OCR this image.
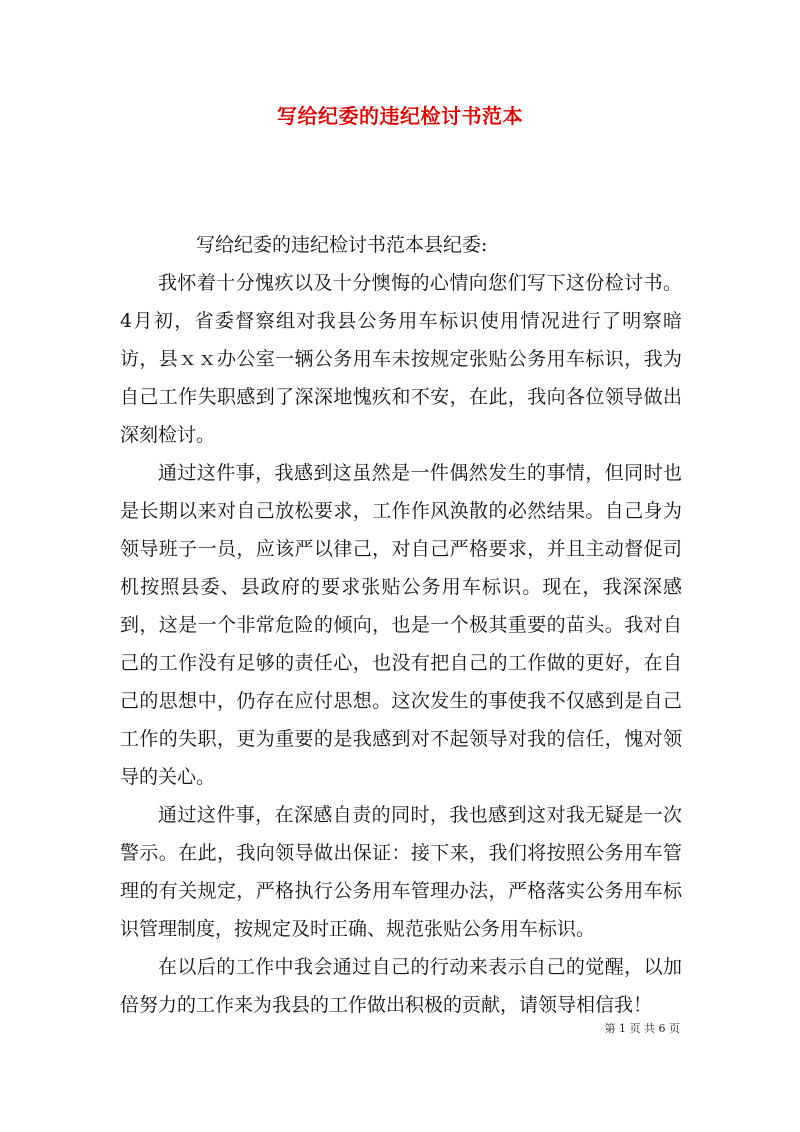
写给纪委的违纪检讨书范本

写给纪委的违纪检讨书范本县纪委:

我怀着十分愧疚以及十分懊悔的心情向您们写下这份检讨书。4月初，省委督察组对我县公务用车标识使用情况进行了明察暗访，县ｘｘ办公室一辆公务用车未按规定张贴公务用车标识，我为自己工作失职感到了深深地愧疚和不安，在此，我向各位领导做出深刻检讨。

通过这件事，我感到这虽然是一件偶然发生的事情，但同时也是长期以来对自己放松要求，工作作风涣散的必然结果。自己身为领导班子一员，应该严以律己，对自己严格要求，并且主动督促司机按照县委、县政府的要求张贴公务用车标识。现在，我深深感到，这是一个非常危险的倾向，也是一个极其重要的苗头。我对自己的工作没有足够的责任心，也没有把自己的工作做的更好，在自己的思想中，仍存在应付思想。这次发生的事使我不仅感到是自己工作的失职，更为重要的是我感到对不起领导对我的信任，愧对领导的关心。

通过这件事，在深感自责的同时，我也感到这对我无疑是一次警示。在此，我向领导做出保证：接下来，我们将按照公务用车管理的有关规定，严格执行公务用车管理办法，严格落实公务用车标识管理制度，按规定及时正确、规范张贴公务用车标识。

在以后的工作中我会通过自己的行动来表示自己的觉醒，以加倍努力的工作来为我县的工作做出积极的贡献，请领导相信我！

第 1 页 共 6 页
